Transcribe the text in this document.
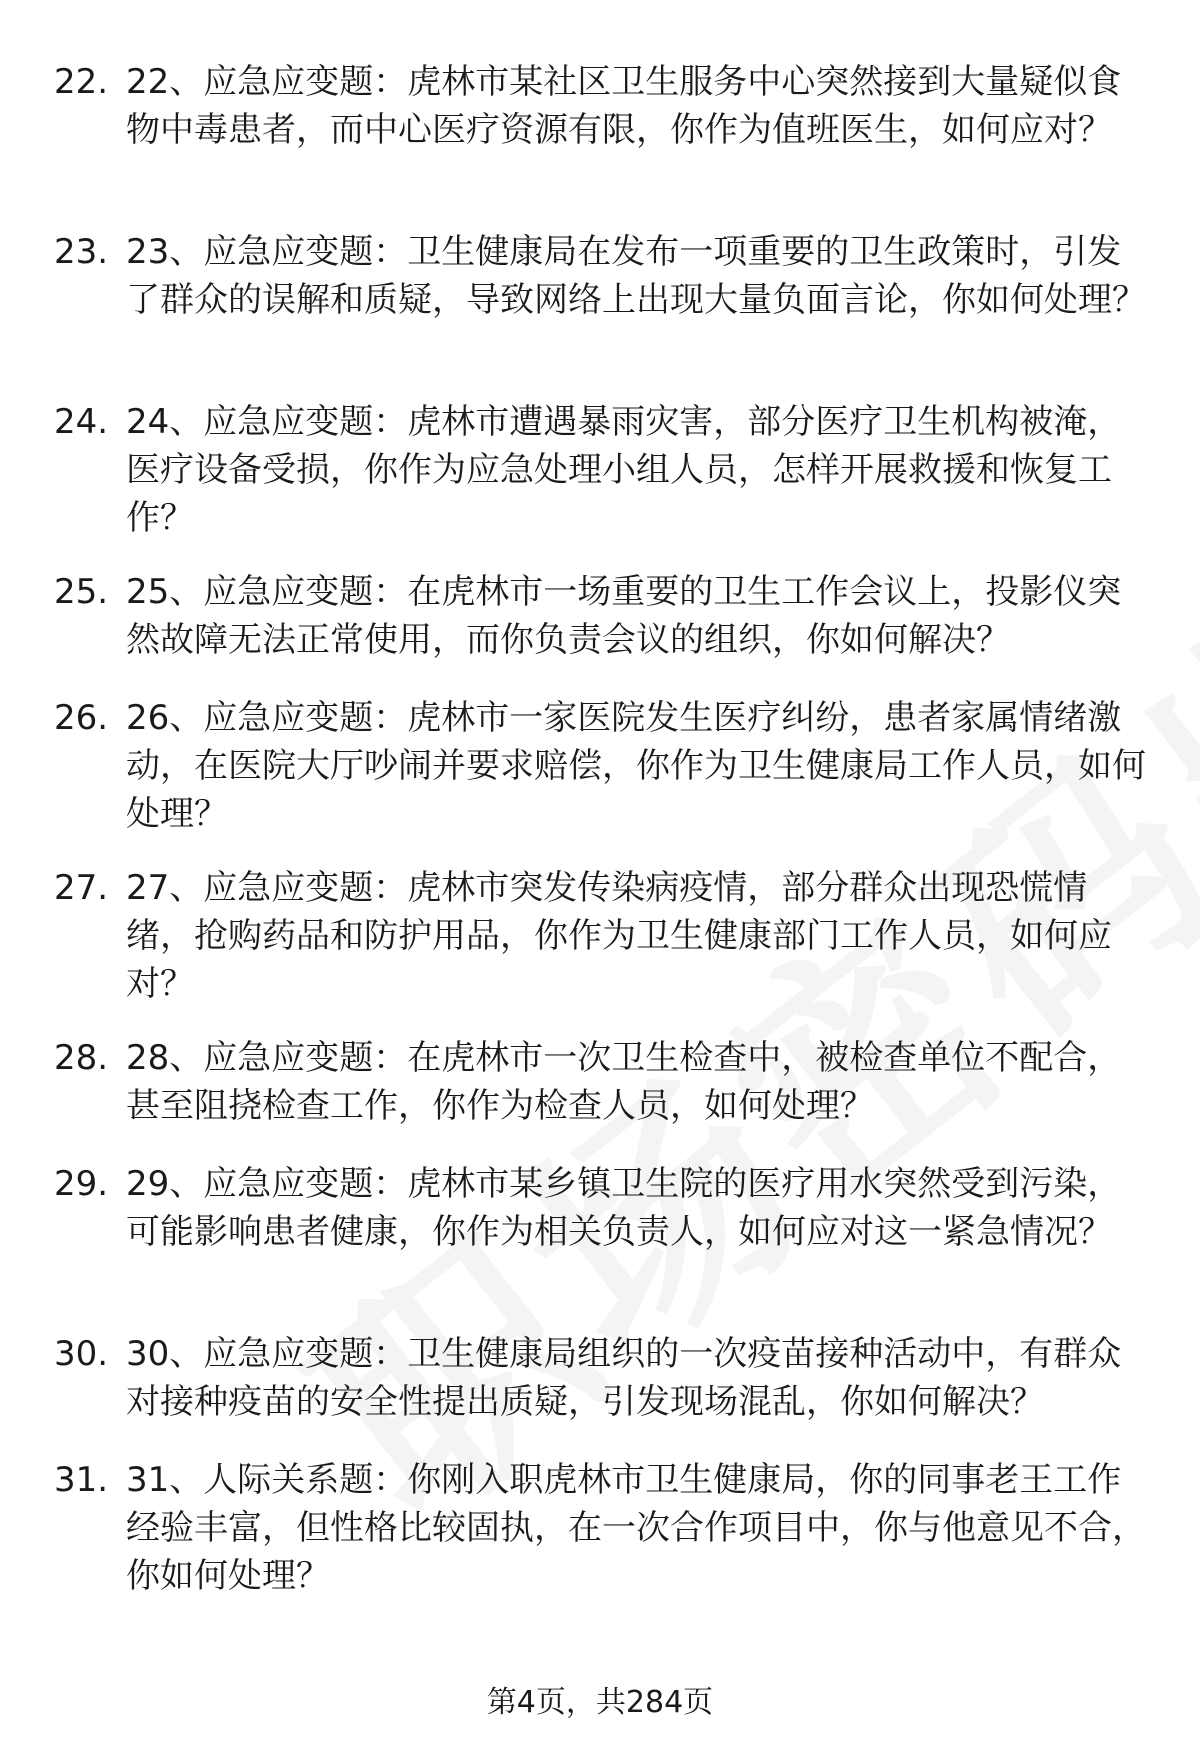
22. 22、应急应变题：虎林市某社区卫生服务中心突然接到大量疑似食物中毒患者，而中心医疗资源有限，你作为值班医生，如何应对？
23. 23、应急应变题：卫生健康局在发布一项重要的卫生政策时，引发了群众的误解和质疑，导致网络上出现大量负面言论，你如何处理？
24. 24、应急应变题：虎林市遭遇暴雨灾害，部分医疗卫生机构被淹，医疗设备受损，你作为应急处理小组人员，怎样开展救援和恢复工作？
25. 25、应急应变题：在虎林市一场重要的卫生工作会议上，投影仪突然故障无法正常使用，而你负责会议的组织，你如何解决？
26. 26、应急应变题：虎林市一家医院发生医疗纠纷，患者家属情绪激动，在医院大厅吵闹并要求赔偿，你作为卫生健康局工作人员，如何处理？
27. 27、应急应变题：虎林市突发传染病疫情，部分群众出现恐慌情绪，抢购药品和防护用品，你作为卫生健康部门工作人员，如何应对？
28. 28、应急应变题：在虎林市一次卫生检查中，被检查单位不配合，甚至阻挠检查工作，你作为检查人员，如何处理？
29. 29、应急应变题：虎林市某乡镇卫生院的医疗用水突然受到污染，可能影响患者健康，你作为相关负责人，如何应对这一紧急情况？
30. 30、应急应变题：卫生健康局组织的一次疫苗接种活动中，有群众对接种疫苗的安全性提出质疑，引发现场混乱，你如何解决？
31. 31、人际关系题：你刚入职虎林市卫生健康局，你的同事老王工作经验丰富，但性格比较固执，在一次合作项目中，你与他意见不合，你如何处理？
第4页，共284页
